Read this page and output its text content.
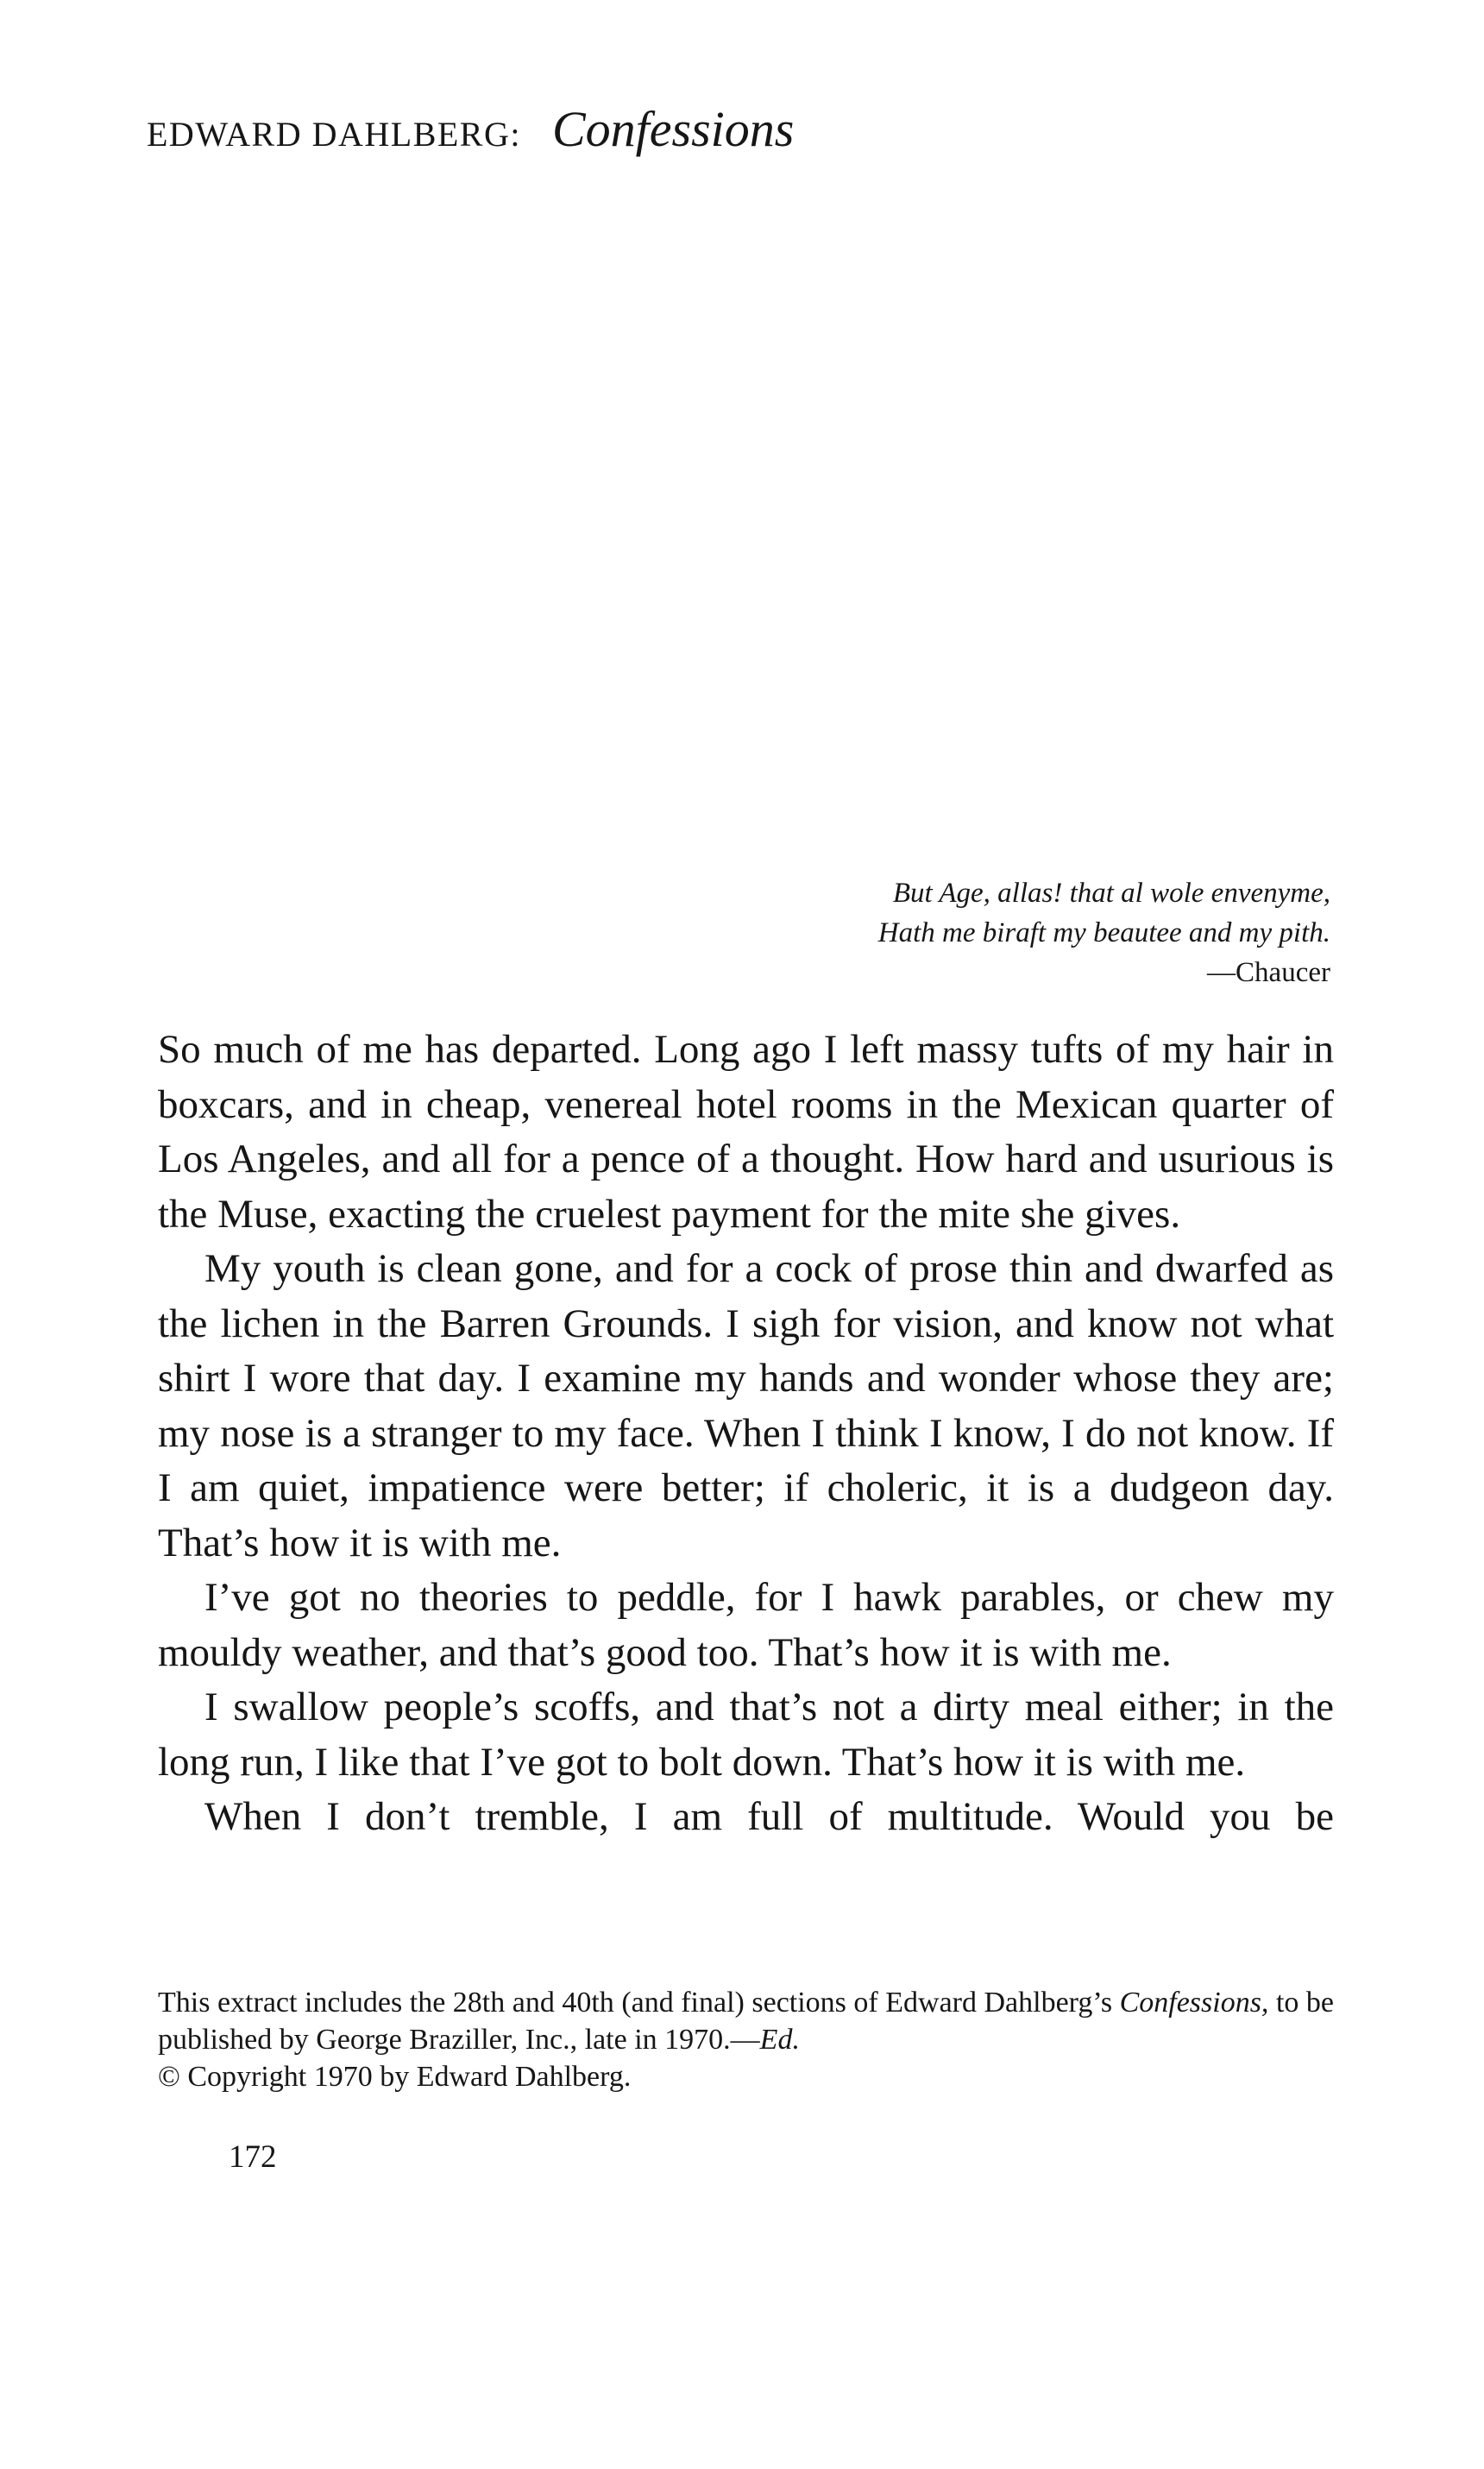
EDWARD DAHLBERG: Confessions
But Age, allas! that al wole envenyme,
Hath me biraft my beautee and my pith.
—Chaucer

So much of me has departed. Long ago I left massy tufts of my hair in boxcars, and in cheap, venereal hotel rooms in the Mexican quarter of Los Angeles, and all for a pence of a thought. How hard and usurious is the Muse, exacting the cruelest payment for the mite she gives.

My youth is clean gone, and for a cock of prose thin and dwarfed as the lichen in the Barren Grounds. I sigh for vision, and know not what shirt I wore that day. I examine my hands and wonder whose they are; my nose is a stranger to my face. When I think I know, I do not know. If I am quiet, impatience were better; if choleric, it is a dudgeon day. That’s how it is with me.

I’ve got no theories to peddle, for I hawk parables, or chew my mouldy weather, and that’s good too. That’s how it is with me.

I swallow people’s scoffs, and that’s not a dirty meal either; in the long run, I like that I’ve got to bolt down. That’s how it is with me.

When I don’t tremble, I am full of multitude. Would you be

This extract includes the 28th and 40th (and final) sections of Edward Dahlberg’s Confessions, to be published by George Braziller, Inc., late in 1970.—Ed.

© Copyright 1970 by Edward Dahlberg.

172
